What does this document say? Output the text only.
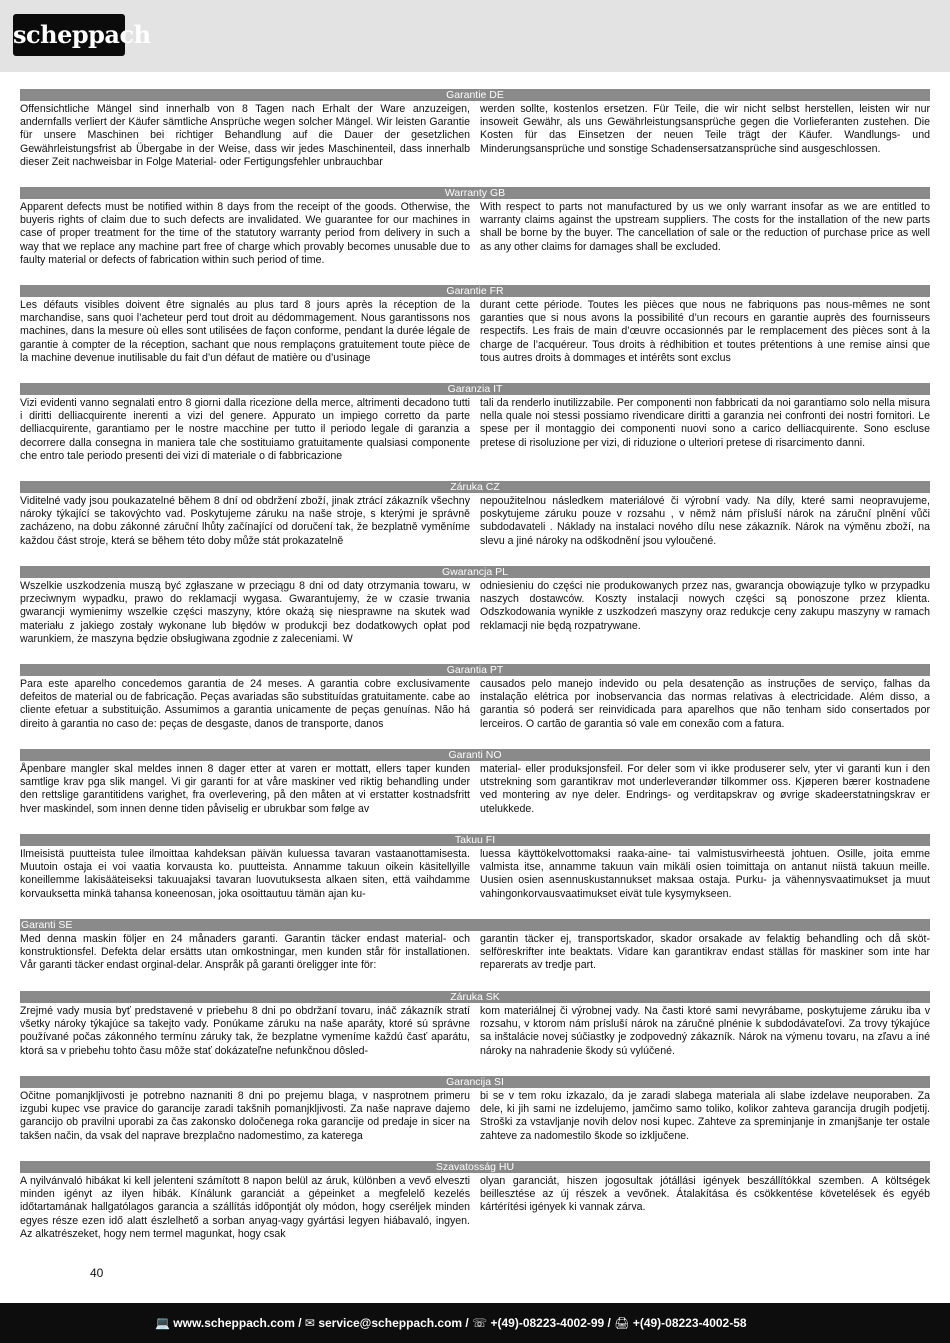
scheppach
Garantie DE
Offensichtliche Mängel sind innerhalb von 8 Tagen nach Erhalt der Ware anzuzeigen, andernfalls verliert der Käufer sämtliche Ansprüche wegen solcher Mängel. Wir leisten Garantie für unsere Maschinen bei richtiger Behandlung auf die Dauer der gesetzlichen Gewährleistungsfrist ab Übergabe in der Weise, dass wir jedes Maschinenteil, dass innerhalb dieser Zeit nachweisbar in Folge Material- oder Fertigungsfehler unbrauchbar
werden sollte, kostenlos ersetzen. Für Teile, die wir nicht selbst herstellen, leisten wir nur insoweit Gewähr, als uns Gewährleistungsansprüche gegen die Vorlieferanten zustehen. Die Kosten für das Einsetzen der neuen Teile trägt der Käufer. Wandlungs- und Minderungsansprüche und sonstige Schadensersatzansprüche sind ausgeschlossen.
Warranty GB
Apparent defects must be notified within 8 days from the receipt of the goods. Otherwise, the buyeris rights of claim due to such defects are invalidated. We guarantee for our machines in case of proper treatment for the time of the statutory warranty period from delivery in such a way that we replace any machine part free of charge which provably becomes unusable due to faulty material or defects of fabrication within such period of time.
With respect to parts not manufactured by us we only warrant insofar as we are entitled to warranty claims against the upstream suppliers. The costs for the installation of the new parts shall be borne by the buyer. The cancellation of sale or the reduction of purchase price as well as any other claims for damages shall be excluded.
Garantie FR
Les défauts visibles doivent être signalés au plus tard 8 jours après la réception de la marchandise, sans quoi l’acheteur perd tout droit au dédommagement. Nous garantissons nos machines, dans la mesure où elles sont utilisées de façon conforme, pendant la durée légale de garantie à compter de la réception, sachant que nous remplaçons gratuitement toute pièce de la machine devenue inutilisable du fait d’un défaut de matière ou d’usinage
durant cette période. Toutes les pièces que nous ne fabriquons pas nous-mêmes ne sont garanties que si nous avons la possibilité d’un recours en garantie auprès des fournisseurs respectifs. Les frais de main d’œuvre occasionnés par le remplacement des pièces sont à la charge de l’acquéreur. Tous droits à rédhibition et toutes prétentions à une remise ainsi que tous autres droits à dommages et intérêts sont exclus
Garanzia IT
Vizi evidenti vanno segnalati entro 8 giorni dalla ricezione della merce, altrimenti decadono tutti i diritti delliacquirente inerenti a vizi del genere. Appurato un impiego corretto da parte delliacquirente, garantiamo per le nostre macchine per tutto il periodo legale di garanzia a decorrere dalla consegna in maniera tale che sostituiamo gratuitamente qualsiasi componente che entro tale periodo presenti dei vizi di materiale o di fabbricazione
tali da renderlo inutilizzabile. Per componenti non fabbricati da noi garantiamo solo nella misura nella quale noi stessi possiamo rivendicare diritti a garanzia nei confronti dei nostri fornitori. Le spese per il montaggio dei componenti nuovi sono a carico delliacquirente. Sono escluse pretese di risoluzione per vizi, di riduzione o ulteriori pretese di risarcimento danni.
Záruka CZ
Viditelné vady jsou poukazatelné během 8 dní od obdržení zboží, jinak ztrácí zákazník všechny nároky týkající se takovýchto vad. Poskytujeme záruku na naše stroje, s kterými je správně zacházeno, na dobu zákonné záruční lhůty začínající od doručení tak, že bezplatně vyměníme každou část stroje, která se během této doby může stát prokazatelně
nepoužitelnou následkem materiálové či výrobní vady. Na díly, které sami neopravujeme, poskytujeme záruku pouze v rozsahu , v němž nám přísluší nárok na záruční plnění vůči subdodavateli . Náklady na instalaci nového dílu nese zákazník. Nárok na výměnu zboží, na slevu a jiné nároky na odškodnění jsou vyloučené.
Gwarancja PL
Wszelkie uszkodzenia muszą być zgłaszane w przeciągu 8 dni od daty otrzymania towaru, w przeciwnym wypadku, prawo do reklamacji wygasa. Gwarantujemy, że w czasie trwania gwarancji wymienimy wszelkie części maszyny, które okażą się niesprawne na skutek wad materiału z jakiego zostały wykonane lub błędów w produkcji bez dodatkowych opłat pod warunkiem, że maszyna będzie obsługiwana zgodnie z zaleceniami. W
odniesieniu do części nie produkowanych przez nas, gwarancja obowiązuje tylko w przypadku naszych dostawców. Koszty instalacji nowych części są ponoszone przez klienta. Odszkodowania wynikłe z uszkodzeń maszyny oraz redukcje ceny zakupu maszyny w ramach reklamacji nie będą rozpatrywane.
Garantia PT
Para este aparelho concedemos garantia de 24 meses. A garantia cobre exclusivamente defeitos de material ou de fabricação. Peças avariadas são substituídas gratuitamente. cabe ao cliente efetuar a substituição. Assumimos a garantia unicamente de peças genuínas. Não há direito à garantia no caso de: peças de desgaste, danos de transporte, danos
causados pelo manejo indevido ou pela desatenção as instruções de serviço, falhas da instalação elétrica por inobservancia das normas relativas à electricidade. Além disso, a garantia só poderá ser reinvidicada para aparelhos que não tenham sido consertados por lerceiros. O cartão de garantia só vale em conexão com a fatura.
Garanti NO
Åpenbare mangler skal meldes innen 8 dager etter at varen er mottatt, ellers taper kunden samtlige krav pga slik mangel. Vi gir garanti for at våre maskiner ved riktig behandling under den rettslige garantitidens varighet, fra overlevering, på den måten at vi erstatter kostnadsfritt hver maskindel, som innen denne tiden påviselig er ubrukbar som følge av
material- eller produksjonsfeil. For deler som vi ikke produserer selv, yter vi garanti kun i den utstrekning som garantikrav mot underleverandør tilkommer oss. Kjøperen bærer kostnadene ved montering av nye deler. Endrings- og verditapskrav og øvrige skadeerstatningskrav er utelukkede.
Takuu FI
Ilmeisistä puutteista tulee ilmoittaa kahdeksan päivän kuluessa tavaran vastaanottamisesta. Muutoin ostaja ei voi vaatia korvausta ko. puutteista. Annamme takuun oikein käsitellyille koneillemme lakisääteiseksi takuuajaksi tavaran luovutuksesta alkaen siten, että vaihdamme korvauksetta minkä tahansa koneenosan, joka osoittautuu tämän ajan ku-
luessa käyttökelvottomaksi raaka-aine- tai valmistusvirheestä johtuen. Osille, joita emme valmista itse, annamme takuun vain mikäli osien toimittaja on antanut niistä takuun meille. Uusien osien asennuskustannukset maksaa ostaja. Purku- ja vähennysvaatimukset ja muut vahingonkorvausvaatimukset eivät tule kysymykseen.
Garanti SE
Med denna maskin följer en 24 månaders garanti. Garantin täcker endast material- och konstruktionsfel. Defekta delar ersätts utan omkostningar, men kunden står för installationen. Vår garanti täcker endast orginal-delar. Anspråk på garanti öreligger inte för:
garantin täcker ej, transportskador, skador orsakade av felaktig behandling och då sköt-selföreskrifter inte beaktats. Vidare kan garantikrav endast ställas för maskiner som inte har reparerats av tredje part.
Záruka SK
Zrejmé vady musia byť predstavené v priebehu 8 dni po obdržaní tovaru, ináč zákazník stratí všetky nároky týkajúce sa takejto vady. Ponúkame záruku na naše aparáty, ktoré sú správne používané počas zákonného termínu záruky tak, že bezplatne vymeníme každú časť aparátu, ktorá sa v priebehu tohto času môže stať dokázateľne nefunkčnou dôsled-
kom materiálnej či výrobnej vady. Na časti ktoré sami nevyrábame, poskytujeme záruku iba v rozsahu, v ktorom nám prísluší nárok na záručné plnénie k subdodávateľovi. Za trovy týkajúce sa inštalácie novej súčiastky je zodpovedný zákazník. Nárok na výmenu tovaru, na zľavu a iné nároky na nahradenie škody sú vylúčené.
Garancija SI
Očitne pomanjkljivosti je potrebno naznaniti 8 dni po prejemu blaga, v nasprotnem primeru izgubi kupec vse pravice do garancije zaradi takšnih pomanjkljivosti. Za naše naprave dajemo garancijo ob pravilni uporabi za čas zakonsko določenega roka garancije od predaje in sicer na takšen način, da vsak del naprave brezplačno nadomestimo, za katerega
bi se v tem roku izkazalo, da je zaradi slabega materiala ali slabe izdelave neuporaben. Za dele, ki jih sami ne izdelujemo, jamčimo samo toliko, kolikor zahteva garancija drugih podjetij. Stroški za vstavljanje novih delov nosi kupec. Zahteve za spreminjanje in zmanjšanje ter ostale zahteve za nadomestilo škode so izključene.
Szavatosság HU
A nyilvánvaló hibákat ki kell jelenteni számított 8 napon belül az áruk, különben a vevő elveszti minden igényt az ilyen hibák. Kínálunk garanciát a gépeinket a megfelelő kezelés időtartamának hallgatólagos garancia a szállítás időpontját oly módon, hogy cseréljek minden egyes része ezen idő alatt észlelhető a sorban anyag-vagy gyártási legyen hiábavaló, ingyen. Az alkatrészeket, hogy nem termel magunkat, hogy csak
olyan garanciát, hiszen jogosultak jótállási igények beszállítókkal szemben. A költségek beillesztése az új részek a vevőnek. Átalakítása és csökkentése követelések és egyéb kártérítési igények ki vannak zárva.
40
💻 www.scheppach.com / ✉ service@scheppach.com / ☏ +(49)-08223-4002-99 / 🖨 +(49)-08223-4002-58
